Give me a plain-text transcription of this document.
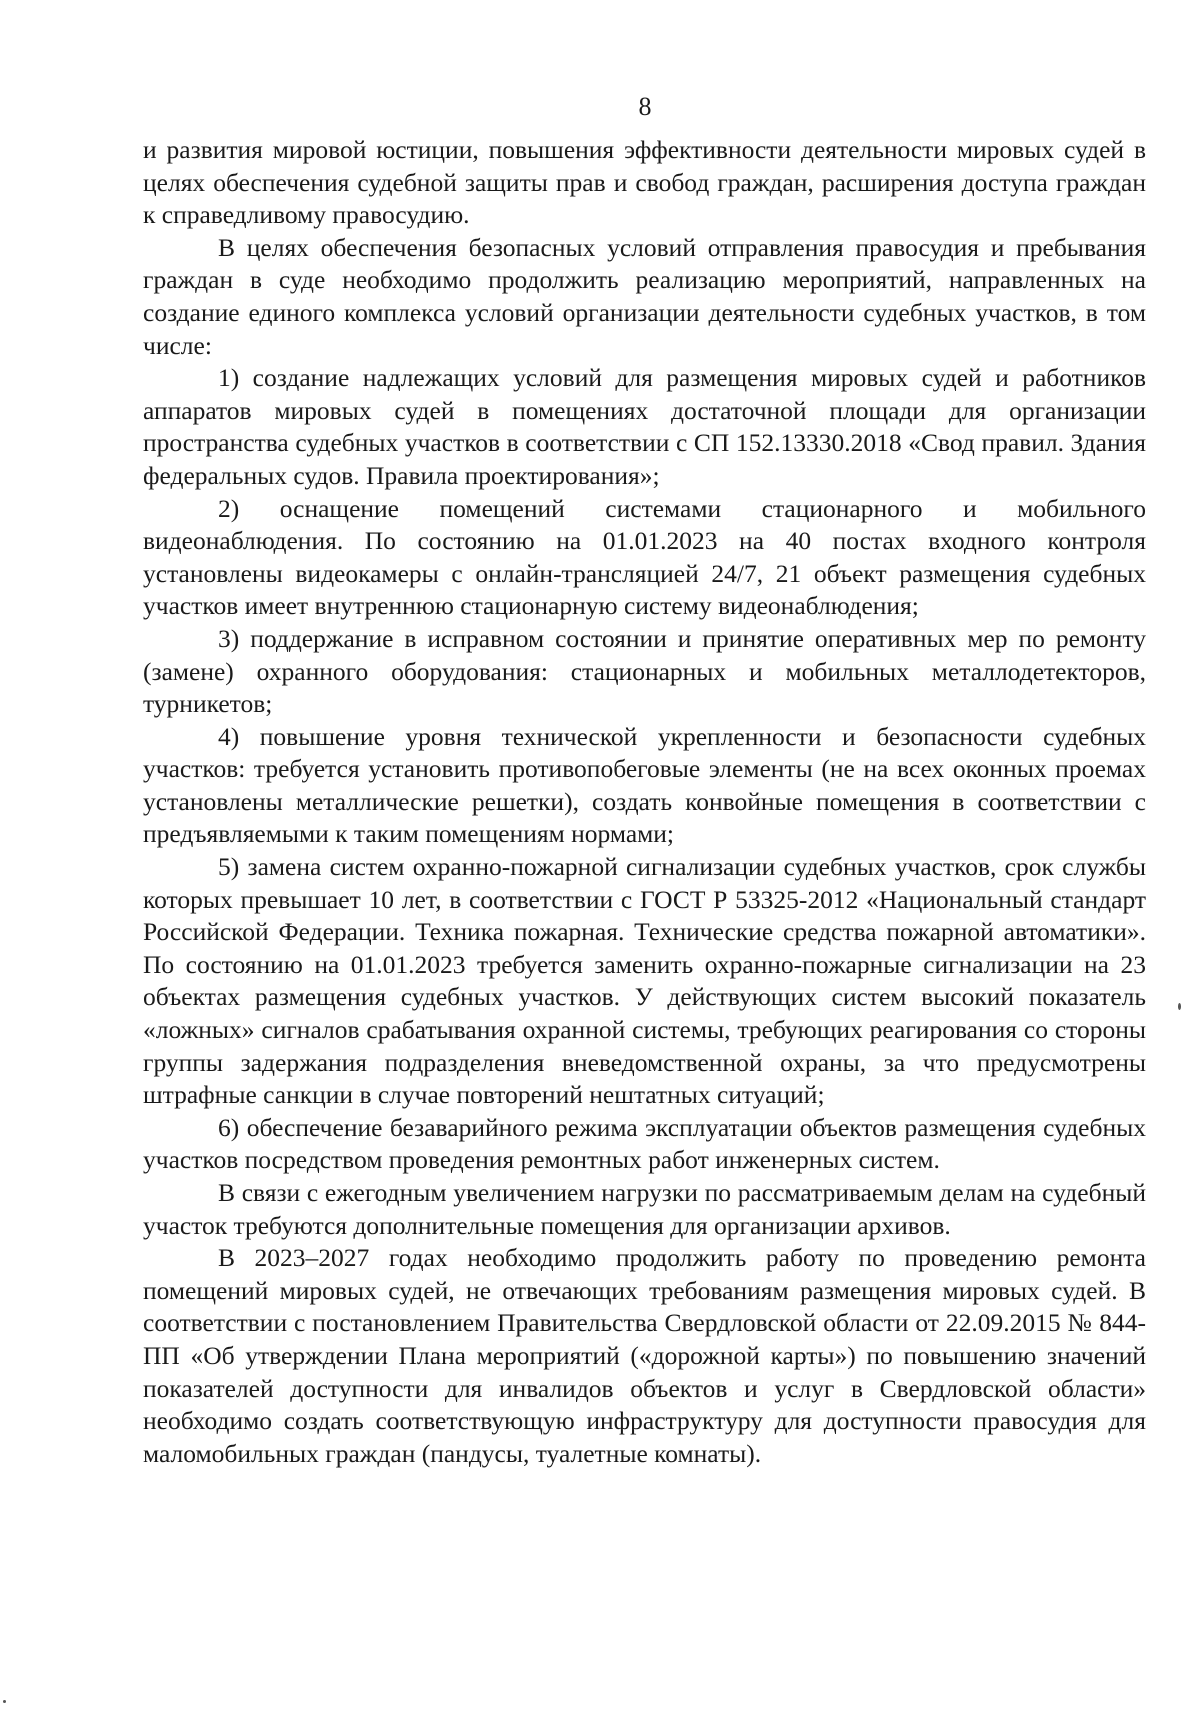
8

и развития мировой юстиции, повышения эффективности деятельности мировых судей в целях обеспечения судебной защиты прав и свобод граждан, расширения доступа граждан к справедливому правосудию.

В целях обеспечения безопасных условий отправления правосудия и пребывания граждан в суде необходимо продолжить реализацию мероприятий, направленных на создание единого комплекса условий организации деятельности судебных участков, в том числе:

1) создание надлежащих условий для размещения мировых судей и работников аппаратов мировых судей в помещениях достаточной площади для организации пространства судебных участков в соответствии с СП 152.13330.2018 «Свод правил. Здания федеральных судов. Правила проектирования»;

2) оснащение помещений системами стационарного и мобильного видеонаблюдения. По состоянию на 01.01.2023 на 40 постах входного контроля установлены видеокамеры с онлайн-трансляцией 24/7, 21 объект размещения судебных участков имеет внутреннюю стационарную систему видеонаблюдения;

3) поддержание в исправном состоянии и принятие оперативных мер по ремонту (замене) охранного оборудования: стационарных и мобильных металлодетекторов, турникетов;

4) повышение уровня технической укрепленности и безопасности судебных участков: требуется установить противопобеговые элементы (не на всех оконных проемах установлены металлические решетки), создать конвойные помещения в соответствии с предъявляемыми к таким помещениям нормами;

5) замена систем охранно-пожарной сигнализации судебных участков, срок службы которых превышает 10 лет, в соответствии с ГОСТ Р 53325-2012 «Национальный стандарт Российской Федерации. Техника пожарная. Технические средства пожарной автоматики». По состоянию на 01.01.2023 требуется заменить охранно-пожарные сигнализации на 23 объектах размещения судебных участков. У действующих систем высокий показатель «ложных» сигналов срабатывания охранной системы, требующих реагирования со стороны группы задержания подразделения вневедомственной охраны, за что предусмотрены штрафные санкции в случае повторений нештатных ситуаций;

6) обеспечение безаварийного режима эксплуатации объектов размещения судебных участков посредством проведения ремонтных работ инженерных систем.

В связи с ежегодным увеличением нагрузки по рассматриваемым делам на судебный участок требуются дополнительные помещения для организации архивов.

В 2023–2027 годах необходимо продолжить работу по проведению ремонта помещений мировых судей, не отвечающих требованиям размещения мировых судей. В соответствии с постановлением Правительства Свердловской области от 22.09.2015 № 844-ПП «Об утверждении Плана мероприятий («дорожной карты») по повышению значений показателей доступности для инвалидов объектов и услуг в Свердловской области» необходимо создать соответствующую инфраструктуру для доступности правосудия для маломобильных граждан (пандусы, туалетные комнаты).
